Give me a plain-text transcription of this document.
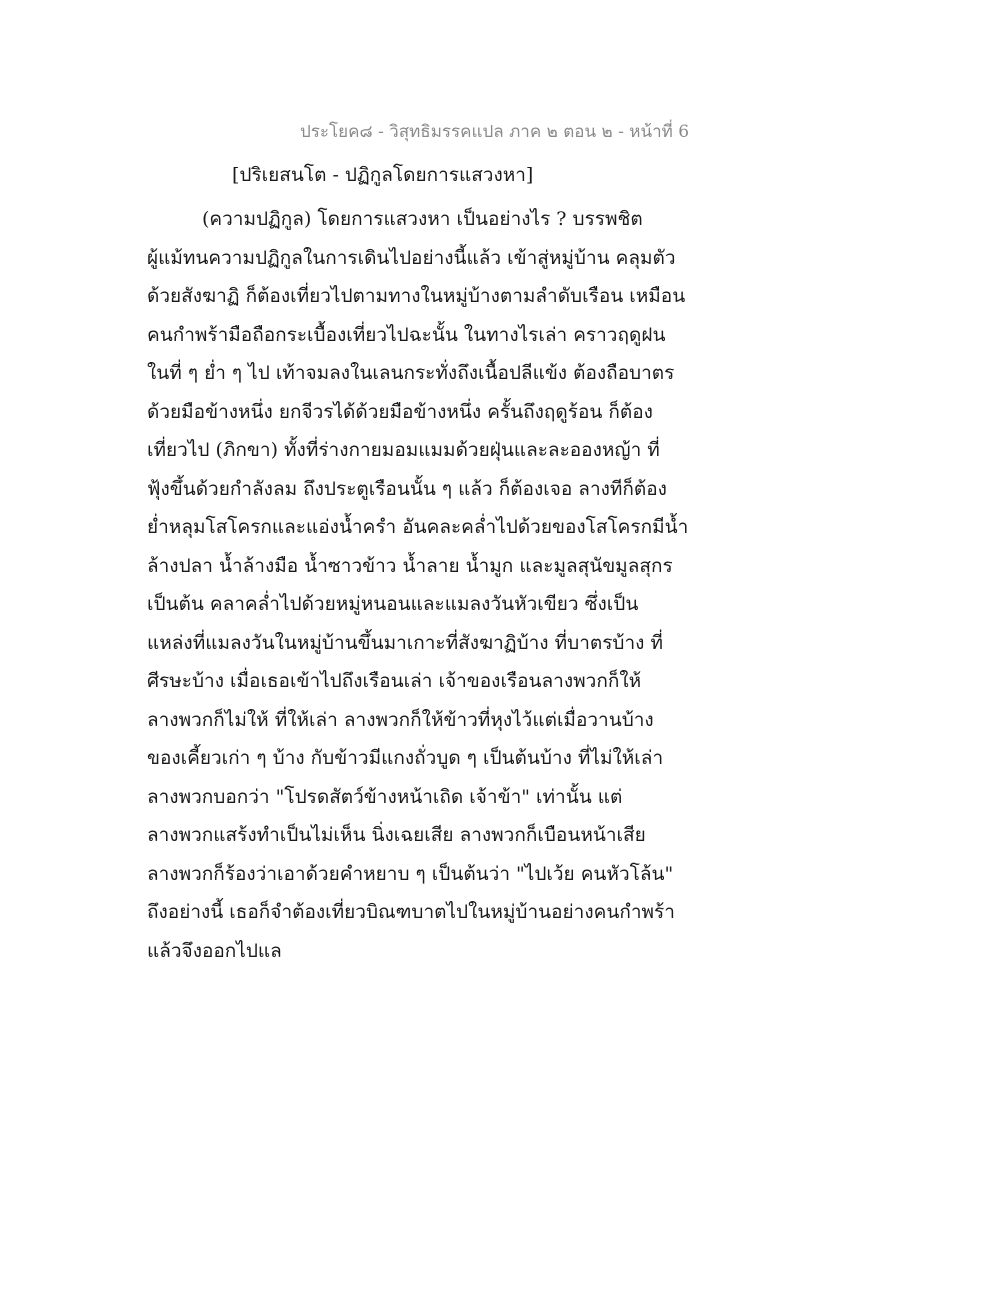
ประโยค๘ - วิสุทธิมรรคแปล ภาค ๒ ตอน ๒ - หน้าที่ 6
[ปริเยสนโต - ปฏิกูลโดยการแสวงหา]
(ความปฏิกูล) โดยการแสวงหา เป็นอย่างไร ? บรรพชิต
ผู้แม้ทนความปฏิกูลในการเดินไปอย่างนี้แล้ว เข้าสู่หมู่บ้าน คลุมตัว
ด้วยสังฆาฏิ ก็ต้องเที่ยวไปตามทางในหมู่บ้างตามลำดับเรือน เหมือน
คนกำพร้ามือถือกระเบื้องเที่ยวไปฉะนั้น ในทางไรเล่า คราวฤดูฝน
ในที่ ๆ ย่ำ ๆ ไป เท้าจมลงในเลนกระทั่งถึงเนื้อปลีแข้ง ต้องถือบาตร
ด้วยมือข้างหนึ่ง ยกจีวรได้ด้วยมือข้างหนึ่ง ครั้นถึงฤดูร้อน ก็ต้อง
เที่ยวไป (ภิกขา) ทั้งที่ร่างกายมอมแมมด้วยฝุ่นและละอองหญ้า ที่
ฟุ้งขึ้นด้วยกำลังลม ถึงประตูเรือนนั้น ๆ แล้ว ก็ต้องเจอ ลางทีก็ต้อง
ย่ำหลุมโสโครกและแอ่งน้ำครำ อันคละคล่ำไปด้วยของโสโครกมีน้ำ
ล้างปลา น้ำล้างมือ น้ำซาวข้าว น้ำลาย น้ำมูก และมูลสุนัขมูลสุกร
เป็นต้น คลาคล่ำไปด้วยหมู่หนอนและแมลงวันหัวเขียว ซึ่งเป็น
แหล่งที่แมลงวันในหมู่บ้านขึ้นมาเกาะที่สังฆาฏิบ้าง ที่บาตรบ้าง ที่
ศีรษะบ้าง เมื่อเธอเข้าไปถึงเรือนเล่า เจ้าของเรือนลางพวกก็ให้
ลางพวกก็ไม่ให้ ที่ให้เล่า ลางพวกก็ให้ข้าวที่หุงไว้แต่เมื่อวานบ้าง
ของเคี้ยวเก่า ๆ บ้าง กับข้าวมีแกงถั่วบูด ๆ เป็นต้นบ้าง ที่ไม่ให้เล่า
ลางพวกบอกว่า "โปรดสัตว์ข้างหน้าเถิด เจ้าข้า" เท่านั้น แต่
ลางพวกแสร้งทำเป็นไม่เห็น นิ่งเฉยเสีย ลางพวกก็เบือนหน้าเสีย
ลางพวกก็ร้องว่าเอาด้วยคำหยาบ ๆ เป็นต้นว่า "ไปเว้ย คนหัวโล้น"
ถึงอย่างนี้ เธอก็จำต้องเที่ยวบิณฑบาตไปในหมู่บ้านอย่างคนกำพร้า
แล้วจึงออกไปแล
